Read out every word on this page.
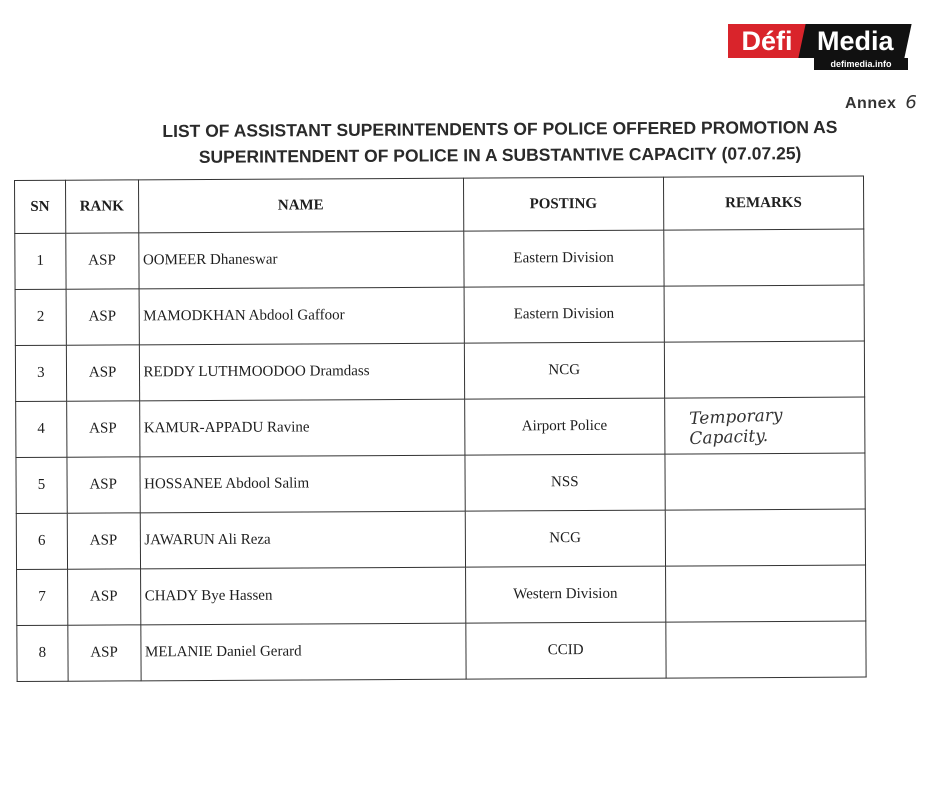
Défi Media
defimedia.info
Annex 6
LIST OF ASSISTANT SUPERINTENDENTS OF POLICE OFFERED PROMOTION AS
SUPERINTENDENT OF POLICE IN A SUBSTANTIVE CAPACITY (07.07.25)
SN	RANK	NAME	POSTING	REMARKS
1	ASP	OOMEER Dhaneswar	Eastern Division	
2	ASP	MAMODKHAN Abdool Gaffoor	Eastern Division	
3	ASP	REDDY LUTHMOODOO Dramdass	NCG	
4	ASP	KAMUR-APPADU Ravine	Airport Police	Temporary
Capacity.

5	ASP	HOSSANEE Abdool Salim	NSS	
6	ASP	JAWARUN Ali Reza	NCG	
7	ASP	CHADY Bye Hassen	Western Division	
8	ASP	MELANIE Daniel Gerard	CCID	
